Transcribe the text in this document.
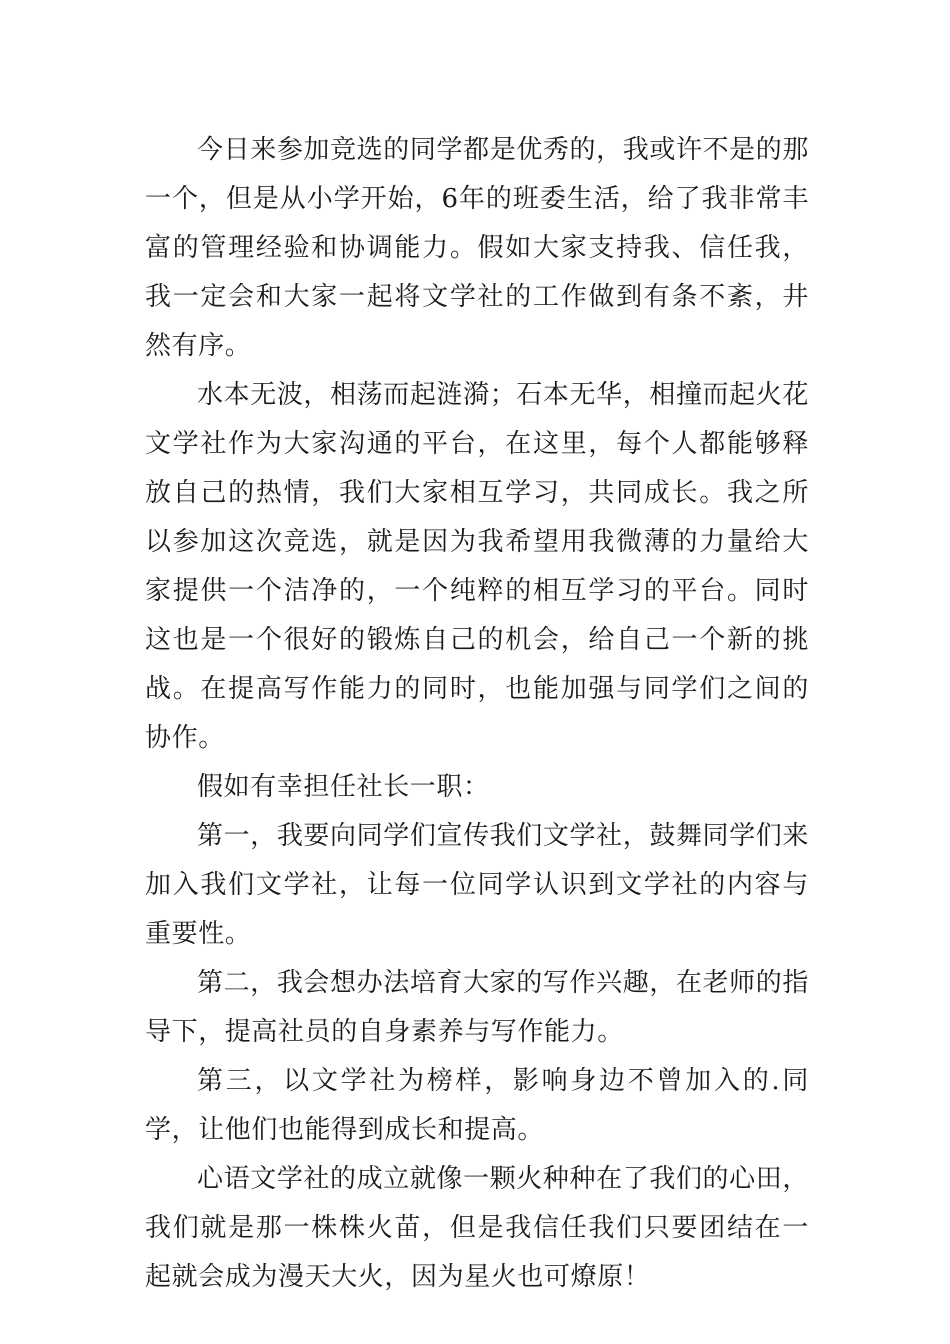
今日来参加竞选的同学都是优秀的，我或许不是的那一个，但是从小学开始，6年的班委生活，给了我非常丰富的管理经验和协调能力。假如大家支持我、信任我，我一定会和大家一起将文学社的工作做到有条不紊，井然有序。

水本无波，相荡而起涟漪；石本无华，相撞而起火花文学社作为大家沟通的平台，在这里，每个人都能够释放自己的热情，我们大家相互学习，共同成长。我之所以参加这次竞选，就是因为我希望用我微薄的力量给大家提供一个洁净的，一个纯粹的相互学习的平台。同时这也是一个很好的锻炼自己的机会，给自己一个新的挑战。在提高写作能力的同时，也能加强与同学们之间的协作。

假如有幸担任社长一职：

第一，我要向同学们宣传我们文学社，鼓舞同学们来加入我们文学社，让每一位同学认识到文学社的内容与重要性。

第二，我会想办法培育大家的写作兴趣，在老师的指导下，提高社员的自身素养与写作能力。

第三，以文学社为榜样，影响身边不曾加入的.同学，让他们也能得到成长和提高。

心语文学社的成立就像一颗火种种在了我们的心田，我们就是那一株株火苗，但是我信任我们只要团结在一起就会成为漫天大火，因为星火也可燎原！
